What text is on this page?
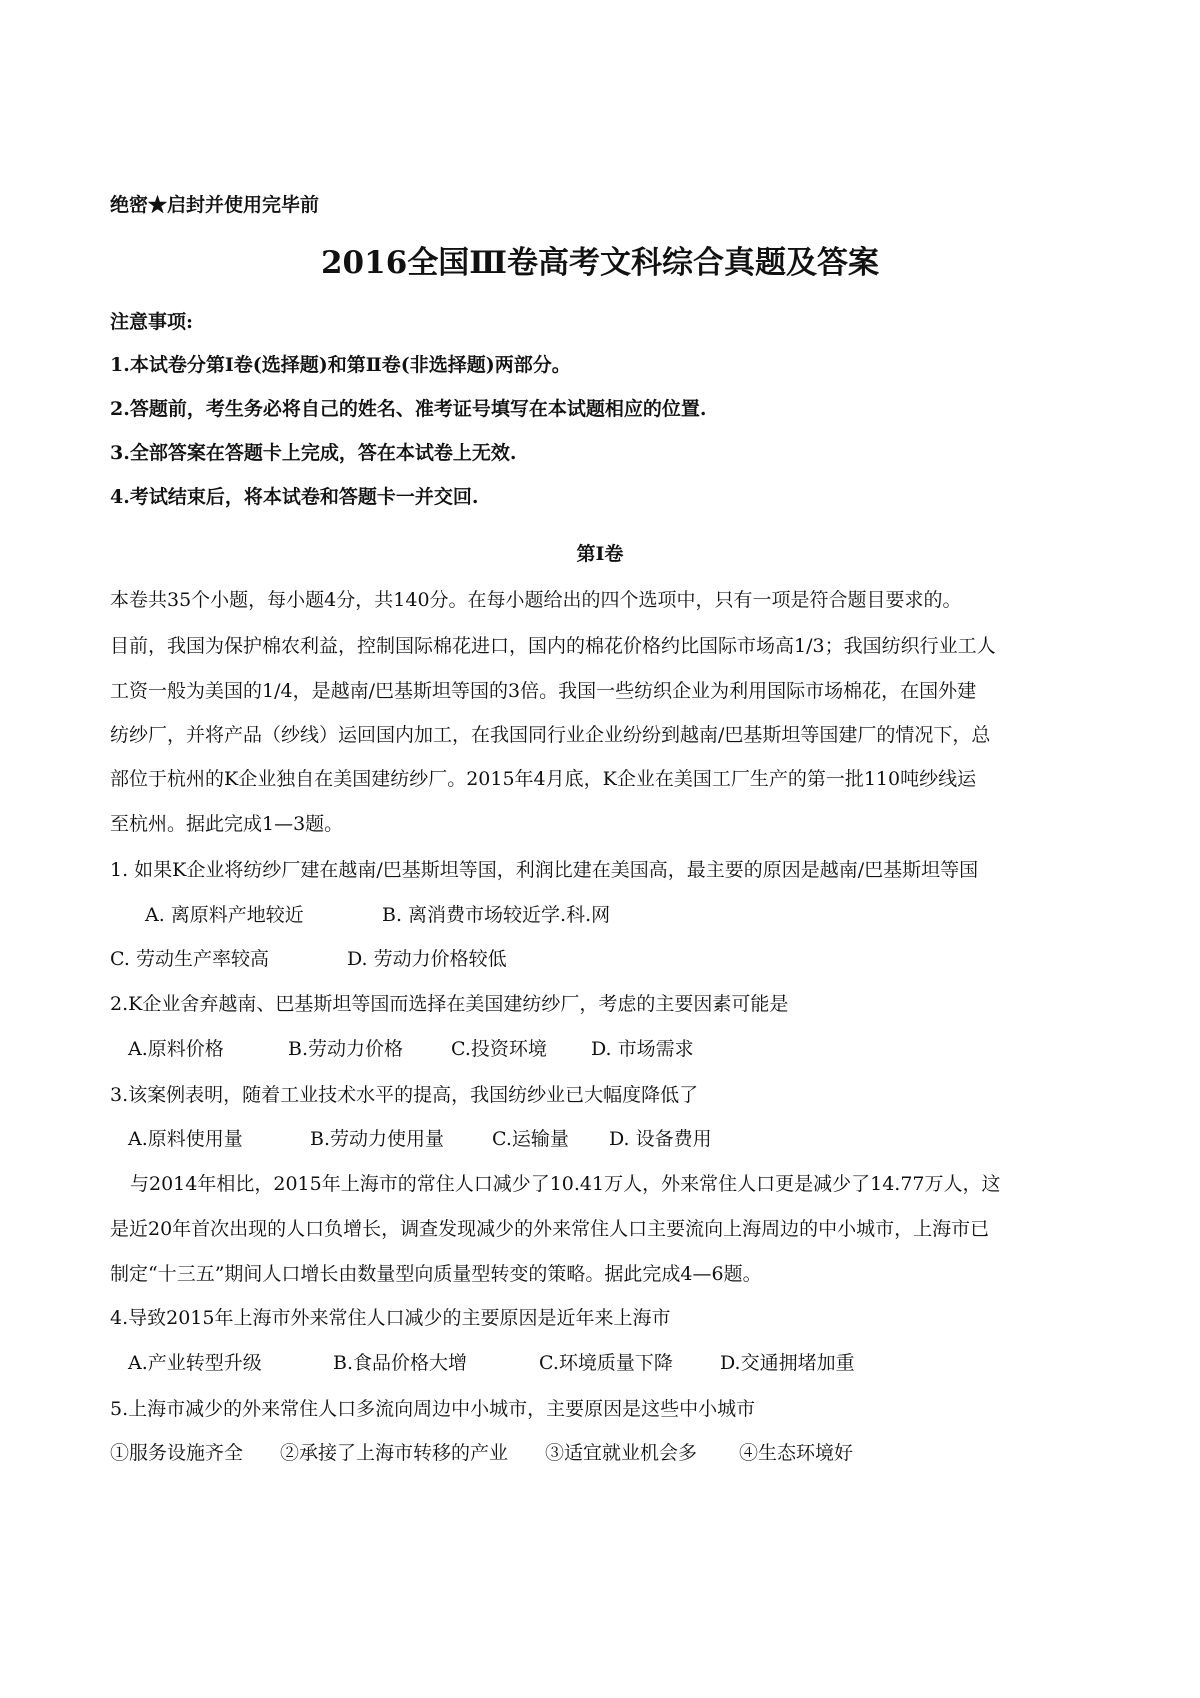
绝密★启封并使用完毕前
2016全国Ⅲ卷高考文科综合真题及答案
注意事项:
1.本试卷分第Ⅰ卷(选择题)和第Ⅱ卷(非选择题)两部分。
2.答题前，考生务必将自己的姓名、准考证号填写在本试题相应的位置.
3.全部答案在答题卡上完成，答在本试卷上无效.
4.考试结束后，将本试卷和答题卡一并交回.
第Ⅰ卷
本卷共35个小题，每小题4分，共140分。在每小题给出的四个选项中，只有一项是符合题目要求的。
目前，我国为保护棉农利益，控制国际棉花进口，国内的棉花价格约比国际市场高1/3；我国纺织行业工人
工资一般为美国的1/4，是越南/巴基斯坦等国的3倍。我国一些纺织企业为利用国际市场棉花，在国外建
纺纱厂，并将产品（纱线）运回国内加工，在我国同行业企业纷纷到越南/巴基斯坦等国建厂的情况下，总
部位于杭州的K企业独自在美国建纺纱厂。2015年4月底，K企业在美国工厂生产的第一批110吨纱线运
至杭州。据此完成1—3题。
1. 如果K企业将纺纱厂建在越南/巴基斯坦等国，利润比建在美国高，最主要的原因是越南/巴基斯坦等国
A. 离原料产地较近	B. 离消费市场较近学.科.网
C. 劳动生产率较高	D. 劳动力价格较低
2.K企业舍弃越南、巴基斯坦等国而选择在美国建纺纱厂，考虑的主要因素可能是
A.原料价格	B.劳动力价格	C.投资环境 D. 市场需求
3.该案例表明，随着工业技术水平的提高，我国纺纱业已大幅度降低了
A.原料使用量	B.劳动力使用量	C.运输量 D. 设备费用
与2014年相比，2015年上海市的常住人口减少了10.41万人，外来常住人口更是减少了14.77万人，这
是近20年首次出现的人口负增长，调查发现减少的外来常住人口主要流向上海周边的中小城市，上海市已
制定“十三五”期间人口增长由数量型向质量型转变的策略。据此完成4—6题。
4.导致2015年上海市外来常住人口减少的主要原因是近年来上海市
A.产业转型升级	B.食品价格大增	C.环境质量下降 D.交通拥堵加重
5.上海市减少的外来常住人口多流向周边中小城市，主要原因是这些中小城市
①服务设施齐全 ②承接了上海市转移的产业 ③适宜就业机会多 ④生态环境好
